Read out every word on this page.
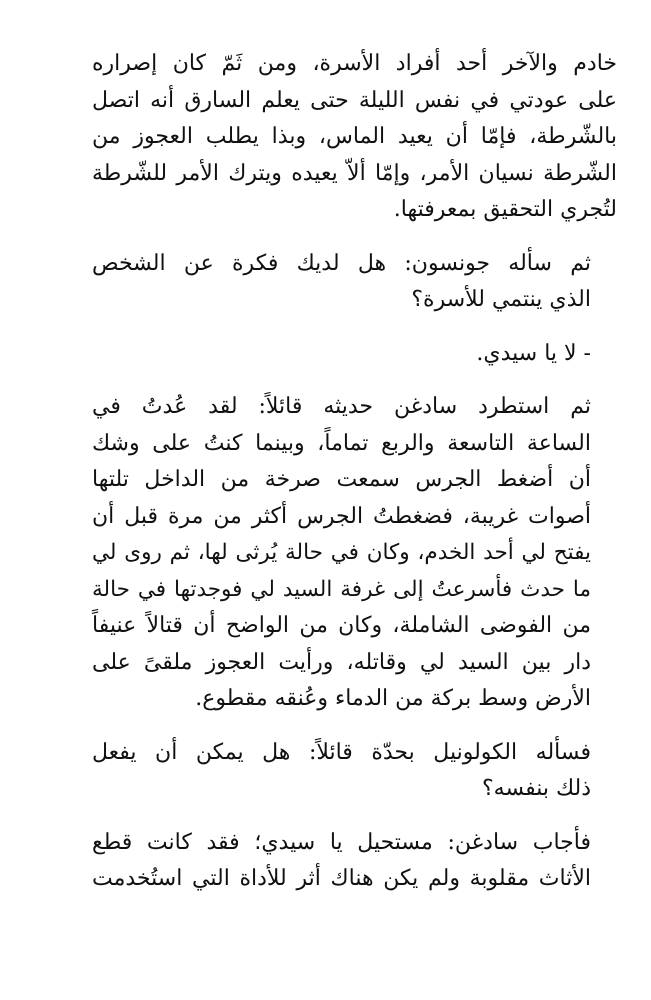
خادم والآخر أحد أفراد الأسرة، ومن ثَمّ كان إصراره
على عودتي في نفس الليلة حتى يعلم السارق أنه اتصل
بالشّرطة، فإمّا أن يعيد الماس، وبذا يطلب العجوز من
الشّرطة نسيان الأمر، وإمّا ألاّ يعيده ويترك الأمر للشّرطة
لتُجري التحقيق بمعرفتها.
ثم سأله جونسون: هل لديك فكرة عن الشخص
الذي ينتمي للأسرة؟
- لا يا سيدي.
ثم استطرد سادغن حديثه قائلاً: لقد عُدتُ في
الساعة التاسعة والربع تماماً، وبينما كنتُ على وشك
أن أضغط الجرس سمعت صرخة من الداخل تلتها
أصوات غريبة، فضغطتُ الجرس أكثر من مرة قبل أن
يفتح لي أحد الخدم، وكان في حالة يُرثى لها، ثم روى لي
ما حدث فأسرعتُ إلى غرفة السيد لي فوجدتها في حالة
من الفوضى الشاملة، وكان من الواضح أن قتالاً عنيفاً
دار بين السيد لي وقاتله، ورأيت العجوز ملقىً على
الأرض وسط بركة من الدماء وعُنقه مقطوع.
فسأله الكولونيل بحدّة قائلاً: هل يمكن أن يفعل
ذلك بنفسه؟
فأجاب سادغن: مستحيل يا سيدي؛ فقد كانت قطع
الأثاث مقلوبة ولم يكن هناك أثر للأداة التي استُخدمت
